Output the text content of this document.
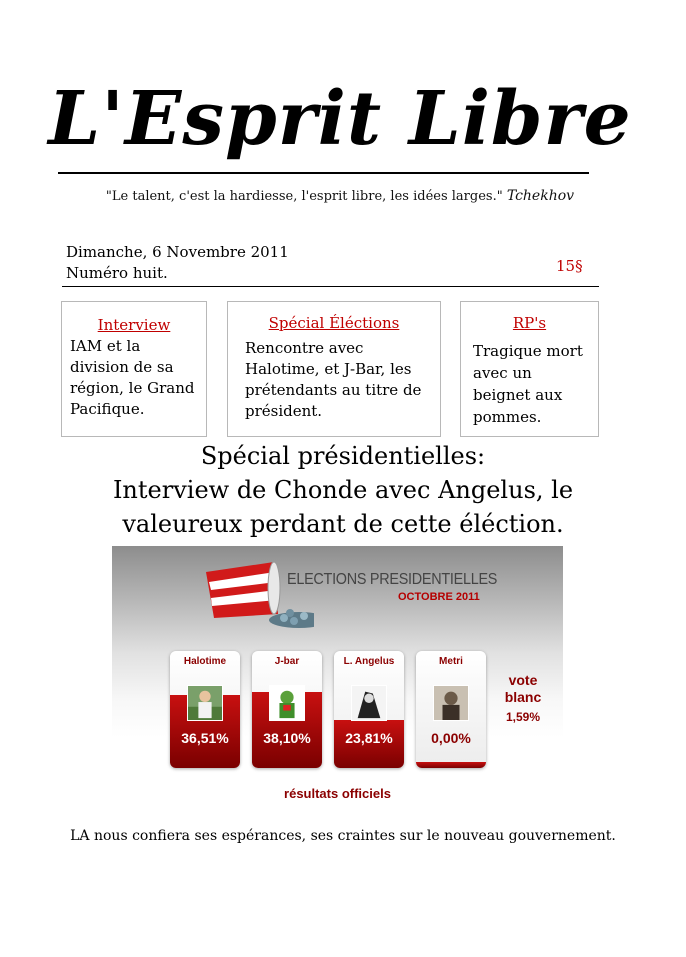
L'Esprit Libre
"Le talent, c'est la hardiesse, l'esprit libre, les idées larges." Tchekhov
Dimanche, 6 Novembre 2011
Numéro huit.	15§
Interview
IAM et la division de sa région, le Grand Pacifique.
Spécial Éléctions
Rencontre avec Halotime, et J-Bar, les prétendants au titre de président.
RP's
Tragique mort avec un beignet aux pommes.
Spécial présidentielles:
Interview de Chonde avec Angelus, le
valeureux perdant de cette éléction.
ELECTIONS PRESIDENTIELLES
OCTOBRE 2011
Halotime
36,51%
J-bar
38,10%
L. Angelus
23,81%
Metri
0,00%
vote
blanc
1,59%
résultats officiels
LA nous confiera ses espérances, ses craintes sur le nouveau gouvernement.
